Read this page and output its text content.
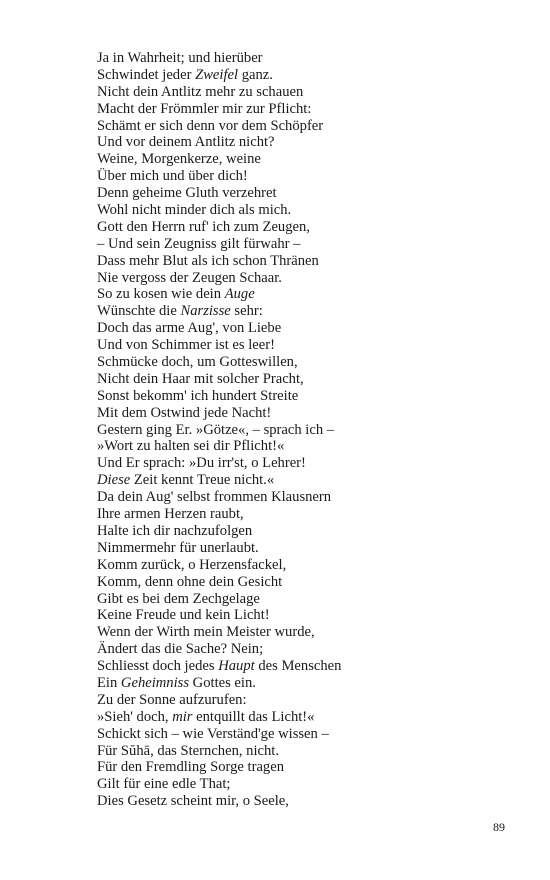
Ja in Wahrheit; und hierüber
Schwindet jeder Zweifel ganz.
Nicht dein Antlitz mehr zu schauen
Macht der Frömmler mir zur Pflicht:
Schämt er sich denn vor dem Schöpfer
Und vor deinem Antlitz nicht?
Weine, Morgenkerze, weine
Über mich und über dich!
Denn geheime Gluth verzehret
Wohl nicht minder dich als mich.
Gott den Herrn ruf' ich zum Zeugen,
– Und sein Zeugniss gilt fürwahr –
Dass mehr Blut als ich schon Thränen
Nie vergoss der Zeugen Schaar.
So zu kosen wie dein Auge
Wünschte die Narzisse sehr:
Doch das arme Aug', von Liebe
Und von Schimmer ist es leer!
Schmücke doch, um Gotteswillen,
Nicht dein Haar mit solcher Pracht,
Sonst bekomm' ich hundert Streite
Mit dem Ostwind jede Nacht!
Gestern ging Er. »Götze«, – sprach ich –
»Wort zu halten sei dir Pflicht!«
Und Er sprach: »Du irr'st, o Lehrer!
Diese Zeit kennt Treue nicht.«
Da dein Aug' selbst frommen Klausnern
Ihre armen Herzen raubt,
Halte ich dir nachzufolgen
Nimmermehr für unerlaubt.
Komm zurück, o Herzensfackel,
Komm, denn ohne dein Gesicht
Gibt es bei dem Zechgelage
Keine Freude und kein Licht!
Wenn der Wirth mein Meister wurde,
Ändert das die Sache? Nein;
Schliesst doch jedes Haupt des Menschen
Ein Geheimniss Gottes ein.
Zu der Sonne aufzurufen:
»Sieh' doch, mir entquillt das Licht!«
Schickt sich – wie Verständ'ge wissen –
Für Sŭhā, das Sternchen, nicht.
Für den Fremdling Sorge tragen
Gilt für eine edle That;
Dies Gesetz scheint mir, o Seele,
89
